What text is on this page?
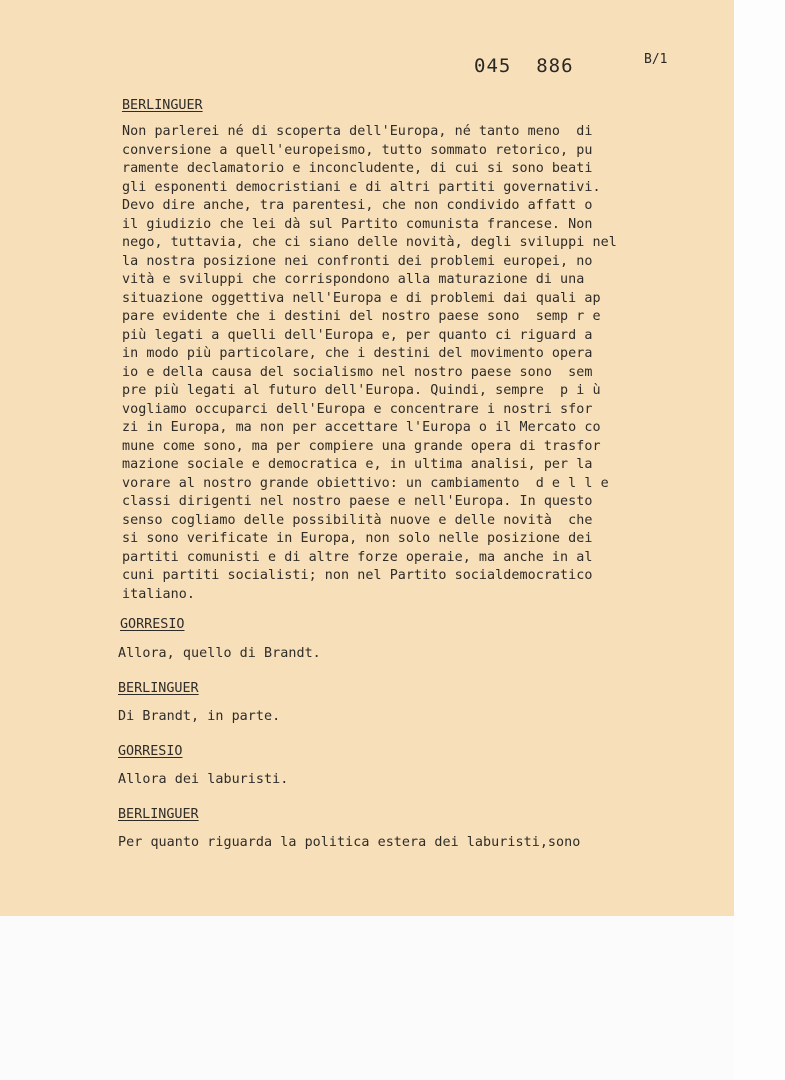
045  886	B/1
BERLINGUER
Non parlerei né di scoperta dell'Europa, né tanto meno  di
conversione a quell'europeismo, tutto sommato retorico, pu
ramente declamatorio e inconcludente, di cui si sono beati
gli esponenti democristiani e di altri partiti governativi.
Devo dire anche, tra parentesi, che non condivido affatt o
il giudizio che lei dà sul Partito comunista francese. Non
nego, tuttavia, che ci siano delle novità, degli sviluppi nel
la nostra posizione nei confronti dei problemi europei, no
vità e sviluppi che corrispondono alla maturazione di una
situazione oggettiva nell'Europa e di problemi dai quali ap
pare evidente che i destini del nostro paese sono  semp r e
più legati a quelli dell'Europa e, per quanto ci riguard a
in modo più particolare, che i destini del movimento opera
io e della causa del socialismo nel nostro paese sono  sem
pre più legati al futuro dell'Europa. Quindi, sempre  p i ù
vogliamo occuparci dell'Europa e concentrare i nostri sfor
zi in Europa, ma non per accettare l'Europa o il Mercato co
mune come sono, ma per compiere una grande opera di trasfor
mazione sociale e democratica e, in ultima analisi, per la
vorare al nostro grande obiettivo: un cambiamento  d e l l e
classi dirigenti nel nostro paese e nell'Europa. In questo
senso cogliamo delle possibilità nuove e delle novità  che
si sono verificate in Europa, non solo nelle posizione dei
partiti comunisti e di altre forze operaie, ma anche in al
cuni partiti socialisti; non nel Partito socialdemocratico
italiano.
GORRESIO
Allora, quello di Brandt.
BERLINGUER
Di Brandt, in parte.
GORRESIO
Allora dei laburisti.
BERLINGUER
Per quanto riguarda la politica estera dei laburisti,sono
